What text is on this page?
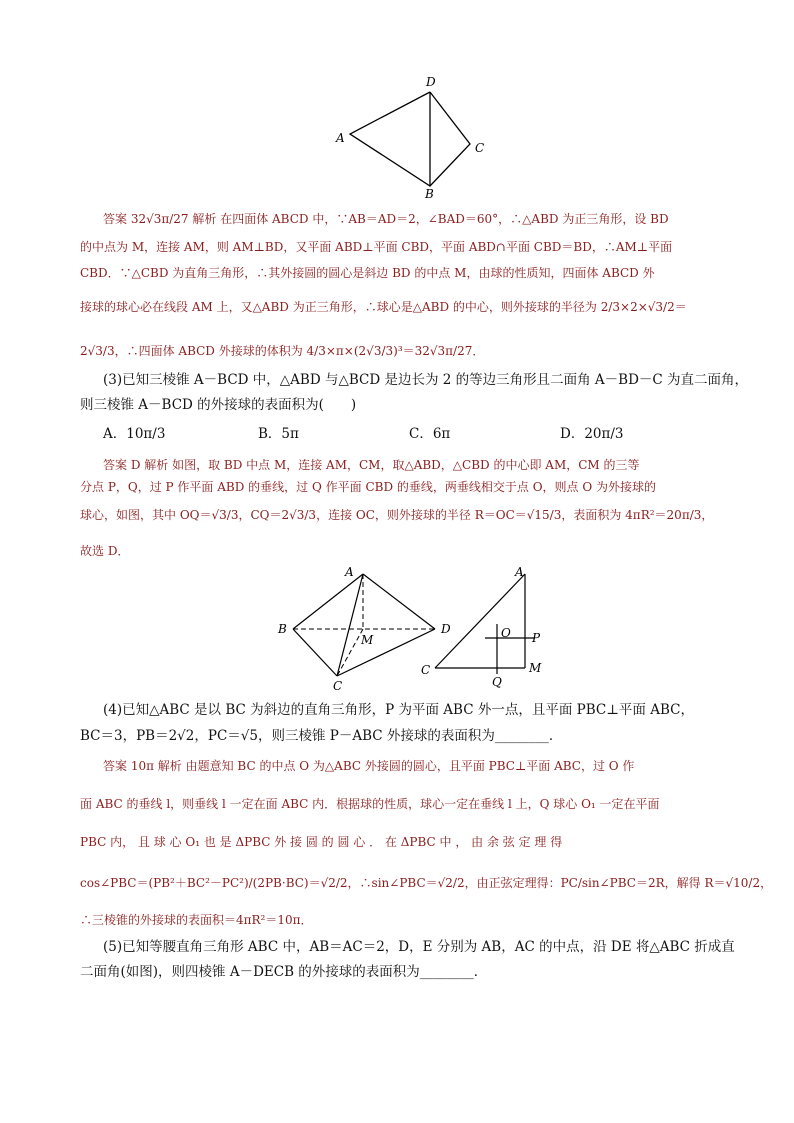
D
A
C
B
答案 32√3π/27 解析 在四面体 ABCD 中，∵AB＝AD＝2，∠BAD＝60°，∴△ABD 为正三角形，设 BD
的中点为 M，连接 AM，则 AM⊥BD，又平面 ABD⊥平面 CBD，平面 ABD∩平面 CBD＝BD，∴AM⊥平面
CBD．∵△CBD 为直角三角形，∴其外接圆的圆心是斜边 BD 的中点 M，由球的性质知，四面体 ABCD 外
接球的球心必在线段 AM 上，又△ABD 为正三角形，∴球心是△ABD 的中心，则外接球的半径为 2/3×2×√3/2＝
2√3/3，∴四面体 ABCD 外接球的体积为 4/3×π×(2√3/3)³＝32√3π/27．
(3)已知三棱锥 A－BCD 中，△ABD 与△BCD 是边长为 2 的等边三角形且二面角 A－BD－C 为直二面角，
则三棱锥 A－BCD 的外接球的表面积为(　　)
A．10π/3	B．5π	C．6π	D．20π/3
答案 D 解析 如图，取 BD 中点 M，连接 AM，CM，取△ABD，△CBD 的中心即 AM，CM 的三等
分点 P，Q，过 P 作平面 ABD 的垂线，过 Q 作平面 CBD 的垂线，两垂线相交于点 O，则点 O 为外接球的
球心，如图，其中 OQ＝√3/3，CQ＝2√3/3，连接 OC，则外接球的半径 R＝OC＝√15/3，表面积为 4πR²＝20π/3，
故选 D．
A
B	D
M
C
A
O P
C	M
Q
(4)已知△ABC 是以 BC 为斜边的直角三角形，P 为平面 ABC 外一点，且平面 PBC⊥平面 ABC，
BC＝3，PB＝2√2，PC＝√5，则三棱锥 P－ABC 外接球的表面积为________．
答案 10π 解析 由题意知 BC 的中点 O 为△ABC 外接圆的圆心，且平面 PBC⊥平面 ABC，过 O 作
面 ABC 的垂线 l，则垂线 l 一定在面 ABC 内．根据球的性质，球心一定在垂线 l 上，Q 球心 O₁ 一定在平面
PBC 内， 且 球 心 O₁ 也 是 ΔPBC 外 接 圆 的 圆 心 ． 在 ΔPBC 中 ， 由 余 弦 定 理 得
cos∠PBC＝(PB²＋BC²－PC²)/(2PB·BC)＝√2/2，∴sin∠PBC＝√2/2，由正弦定理得：PC/sin∠PBC＝2R，解得 R＝√10/2，
∴三棱锥的外接球的表面积＝4πR²＝10π．
(5)已知等腰直角三角形 ABC 中，AB＝AC＝2，D，E 分别为 AB，AC 的中点，沿 DE 将△ABC 折成直
二面角(如图)，则四棱锥 A－DECB 的外接球的表面积为________．
